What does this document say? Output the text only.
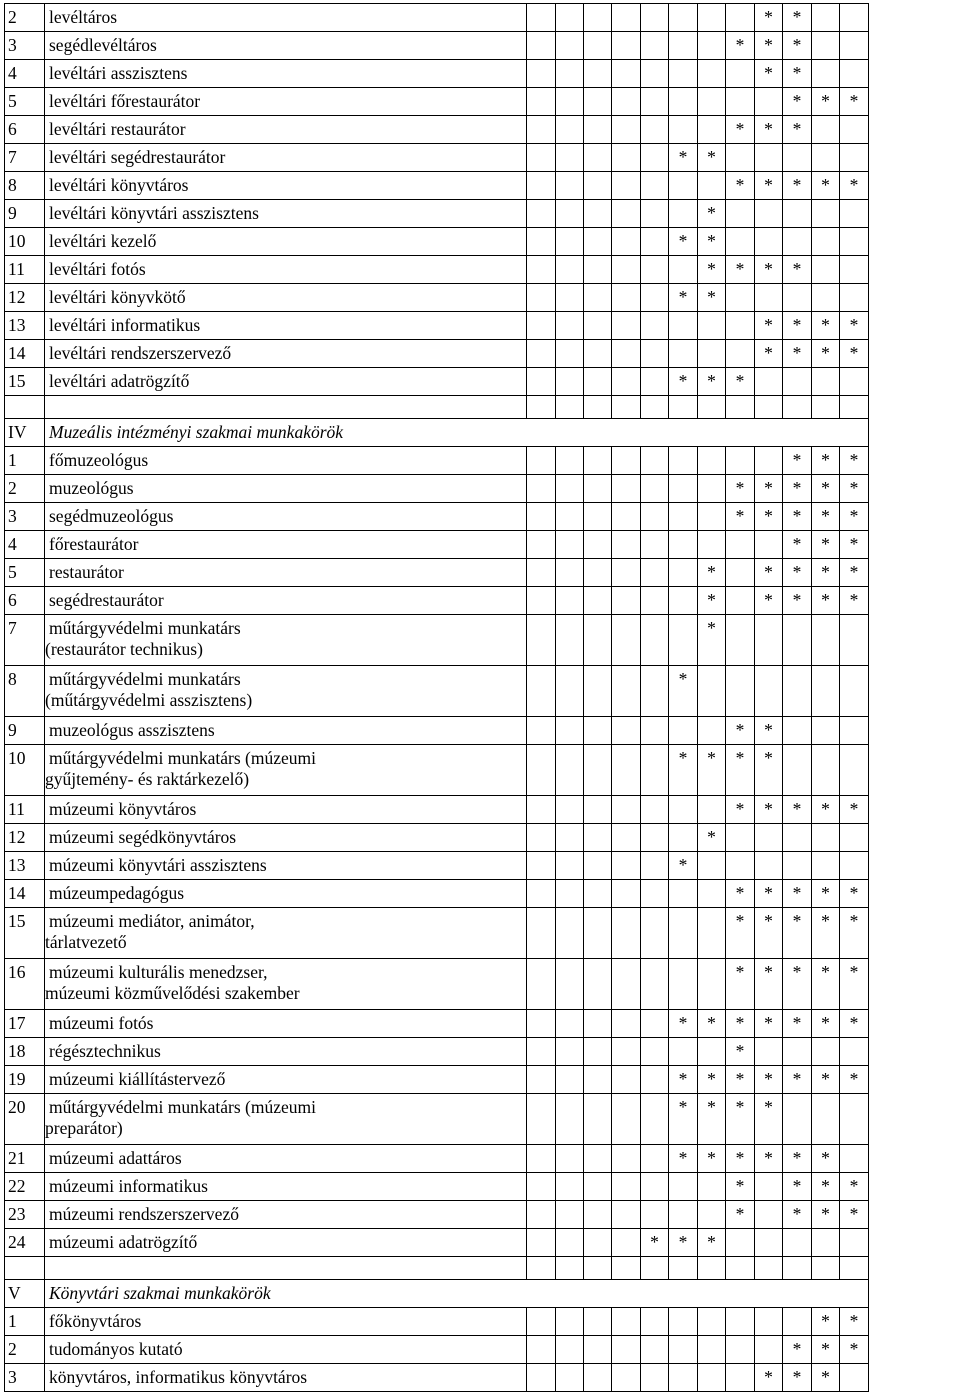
2	levéltáros									*	*		
3	segédlevéltáros								*	*	*		
4	levéltári asszisztens									*	*		
5	levéltári főrestaurátor										*	*	*
6	levéltári restaurátor								*	*	*		
7	levéltári segédrestaurátor						*	*					
8	levéltári könyvtáros								*	*	*	*	*
9	levéltári könyvtári asszisztens							*					
10	levéltári kezelő						*	*					
11	levéltári fotós							*	*	*	*		
12	levéltári könyvkötő						*	*					
13	levéltári informatikus									*	*	*	*
14	levéltári rendszerszervező									*	*	*	*
15	levéltári adatrögzítő						*	*	*				

IV	Muzeális intézményi szakmai munkakörök												
1	főmuzeológus										*	*	*
2	muzeológus								*	*	*	*	*
3	segédmuzeológus								*	*	*	*	*
4	főrestaurátor										*	*	*
5	restaurátor							*		*	*	*	*
6	segédrestaurátor							*		*	*	*	*
7	műtárgyvédelmi munkatárs
(restaurátor technikus)							*					
8	műtárgyvédelmi munkatárs
(műtárgyvédelmi asszisztens)						*						
9	muzeológus asszisztens								*	*			
10	műtárgyvédelmi munkatárs (múzeumi
gyűjtemény- és raktárkezelő)						*	*	*	*			
11	múzeumi könyvtáros								*	*	*	*	*
12	múzeumi segédkönyvtáros							*					
13	múzeumi könyvtári asszisztens						*						
14	múzeumpedagógus								*	*	*	*	*
15	múzeumi mediátor, animátor,
tárlatvezető								*	*	*	*	*
16	múzeumi kulturális menedzser,
múzeumi közművelődési szakember								*	*	*	*	*
17	múzeumi fotós						*	*	*	*	*	*	*
18	régésztechnikus								*				
19	múzeumi kiállítástervező						*	*	*	*	*	*	*
20	műtárgyvédelmi munkatárs (múzeumi
preparátor)						*	*	*	*			
21	múzeumi adattáros						*	*	*	*	*	*	
22	múzeumi informatikus								*		*	*	*
23	múzeumi rendszerszervező								*		*	*	*
24	múzeumi adatrögzítő					*	*	*					

V	Könyvtári szakmai munkakörök												
1	főkönyvtáros											*	*
2	tudományos kutató										*	*	*
3	könyvtáros, informatikus könyvtáros									*	*	*	
